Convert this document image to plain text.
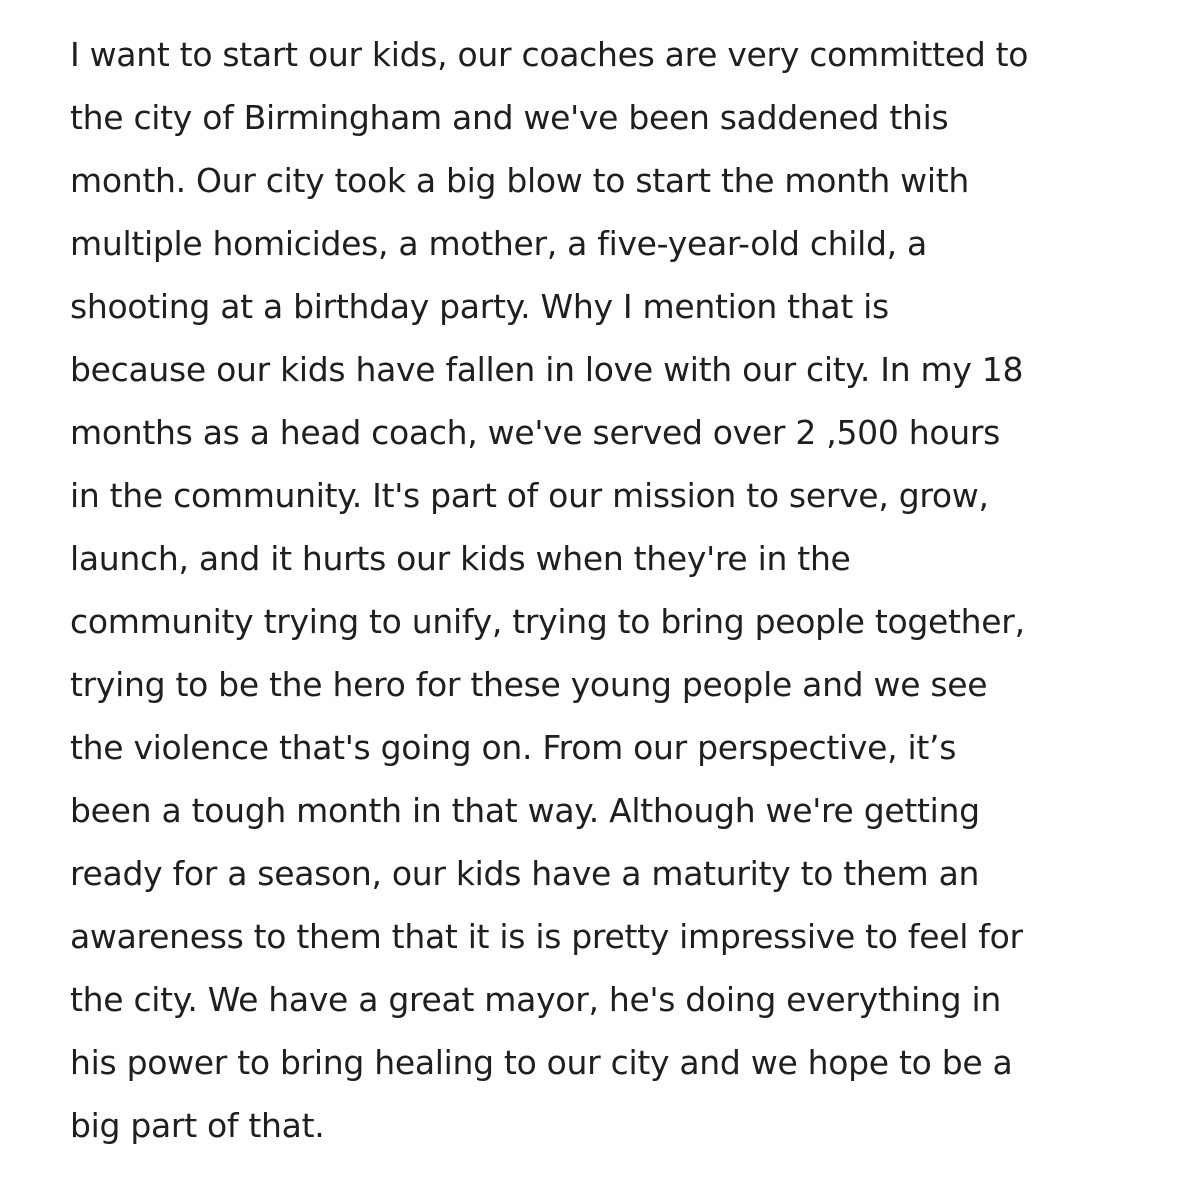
I want to start our kids, our coaches are very committed to
the city of Birmingham and we've been saddened this
month. Our city took a big blow to start the month with
multiple homicides, a mother, a five-year-old child, a
shooting at a birthday party. Why I mention that is
because our kids have fallen in love with our city. In my 18
months as a head coach, we've served over 2 ,500 hours
in the community. It's part of our mission to serve, grow,
launch, and it hurts our kids when they're in the
community trying to unify, trying to bring people together,
trying to be the hero for these young people and we see
the violence that's going on. From our perspective, it’s
been a tough month in that way. Although we're getting
ready for a season, our kids have a maturity to them an
awareness to them that it is is pretty impressive to feel for
the city. We have a great mayor, he's doing everything in
his power to bring healing to our city and we hope to be a
big part of that.
